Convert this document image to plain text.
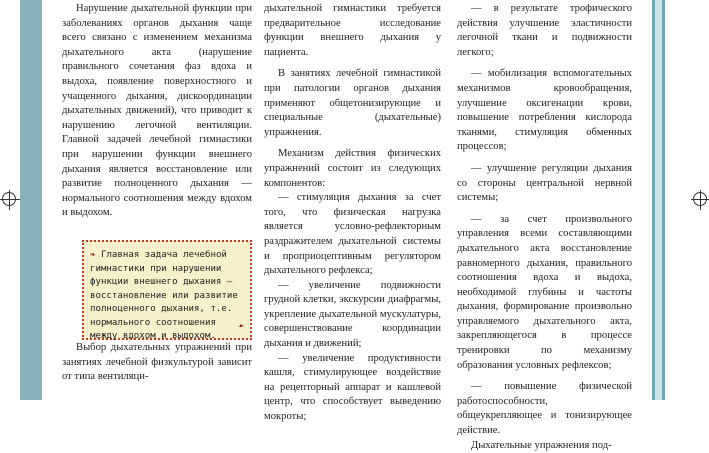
Нарушение дыхательной функции при заболеваниях органов дыхания чаще всего связано с изменением механизма дыхательного акта (нарушение правильного сочетания фаз вдоха и выдоха, появление поверхностного и учащенного дыхания, дискоординации дыхательных движений), что приводит к нарушению легочной вентиляции. Главной задачей лечебной гимнастики при нарушении функции внешнего дыхания является восстановление или развитие полноценного дыхания — нормального соотношения между вдохом и выдохом.

Выбор дыхательных упражнений при занятиях лечебной физкультурой зависит от типа вентиляци-

❧ Главная задача лечебной гимнастики при нарушении функции внешнего дыхания — восстановление или развитие полноценного дыхания, т.е. нормального соотношения между вдохом и выдохом.
☙

дыхательной гимнастики требуется предварительное исследование функции внешнего дыхания у пациента.

В занятиях лечебной гимнастикой при патологии органов дыхания применяют общетонизирующие и специальные (дыхательные) упражнения.

Механизм действия физических упражнений состоит из следующих компонентов:

— стимуляция дыхания за счет того, что физическая нагрузка является условно-рефлекторным раздражителем дыхательной системы и проприоцептивным регулятором дыхательного рефлекса;

— увеличение подвижности грудной клетки, экскурсии диафрагмы, укрепление дыхательной мускулатуры, совершенствование координации дыхания и движений;

— увеличение продуктивности кашля, стимулирующее воздействие на рецепторный аппарат и кашлевой центр, что способствует выведению мокроты;

— в результате трофического действия улучшение эластичности легочной ткани и подвижности легкого;

— мобилизация вспомогательных механизмов кровообращения, улучшение оксигенации крови, повышение потребления кислорода тканями, стимуляция обменных процессов;

— улучшение регуляции дыхания со стороны центральной нервной системы;

— за счет произвольного управления всеми составляющими дыхательного акта восстановление равномерного дыхания, правильного соотношения вдоха и выдоха, необходимой глубины и частоты дыхания, формирование произвольно управляемого дыхательного акта, закрепляющегося в процессе тренировки по механизму образования условных рефлексов;

— повышение физической работоспособности, общеукрепляющее и тонизирующее действие.

Дыхательные упражнения под-
